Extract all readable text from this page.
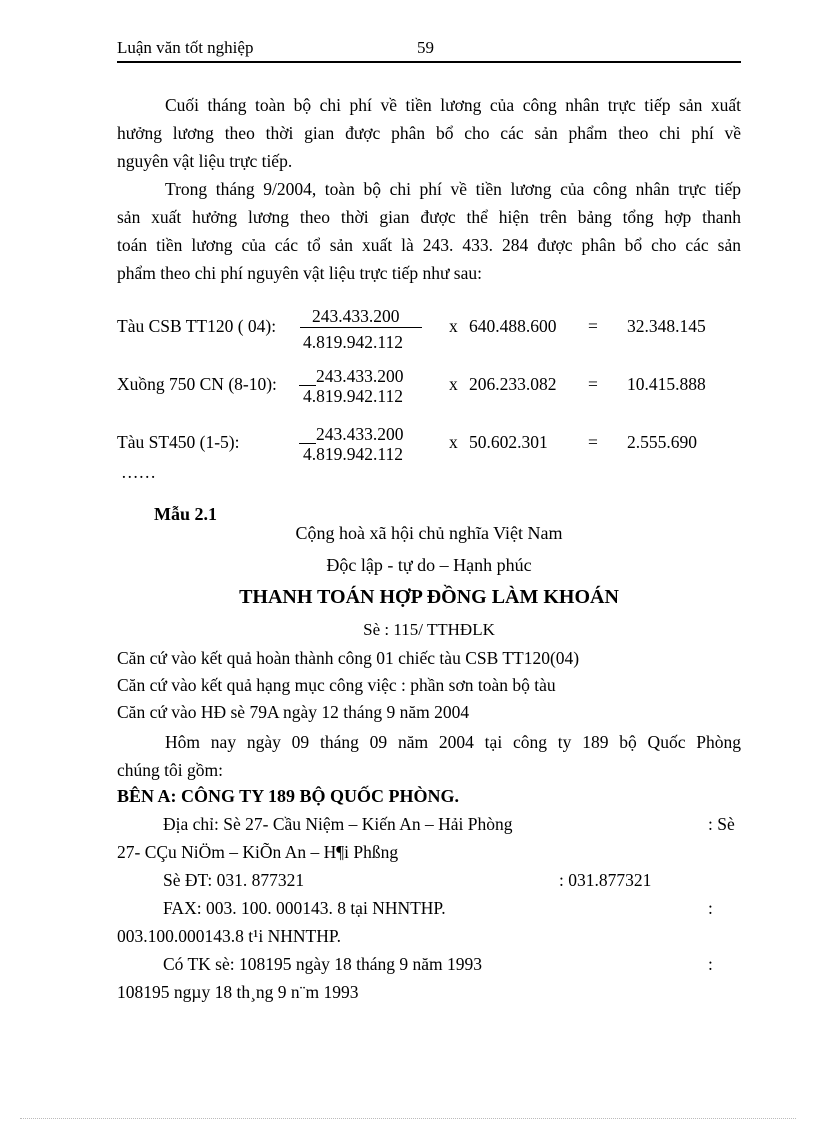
Luận văn tốt nghiệp	59
Cuối tháng toàn bộ chi phí về tiền lương của công nhân trực tiếp sản xuất
hưởng lương theo thời gian được phân bổ cho các sản phẩm theo chi phí về
nguyên vật liệu trực tiếp.
Trong tháng 9/2004, toàn bộ chi phí về tiền lương của công nhân trực tiếp
sản xuất hưởng lương theo thời gian được thể hiện trên bảng tổng hợp thanh
toán tiền lương của các tổ sản xuất là 243. 433. 284 được phân bổ cho các sản
phẩm theo chi phí nguyên vật liệu trực tiếp như sau:
Tàu CSB TT120 ( 04): 243.433.200
4.819.942.112
x 640.488.600 = 32.348.145
Xuồng 750 CN (8-10): 243.433.200
4.819.942.112
x 206.233.082 = 10.415.888
Tàu ST450 (1-5):	243.433.200
4.819.942.112
x 50.602.301 = 2.555.690
……
Mẫu 2.1
Cộng hoà xã hội chủ nghĩa Việt Nam
Độc lập - tự do – Hạnh phúc
THANH TOÁN HỢP ĐỒNG LÀM KHOÁN
Sè : 115/ TTHĐLK
Căn cứ vào kết quả hoàn thành công 01 chiếc tàu CSB TT120(04)
Căn cứ vào kết quả hạng mục công việc : phần sơn toàn bộ tàu
Căn cứ vào HĐ sè 79A ngày 12 tháng 9 năm 2004
Hôm nay ngày 09 tháng 09 năm 2004 tại công ty 189 bộ Quốc Phòng
chúng tôi gồm:
BÊN A: CÔNG TY 189 BỘ QUỐC PHÒNG.
Địa chỉ: Sè 27- Cầu Niệm – Kiến An – Hải Phòng	: Sè
27- CÇu NiÖm – KiÕn An – H¶i Phßng
Sè ĐT: 031. 877321	: 031.877321
FAX: 003. 100. 000143. 8 tại NHNTHP.	:
003.100.000143.8 t¹i NHNTHP.
Có TK sè: 108195 ngày 18 tháng 9 năm 1993	:
108195 ngµy 18 th¸ng 9 n¨m 1993
